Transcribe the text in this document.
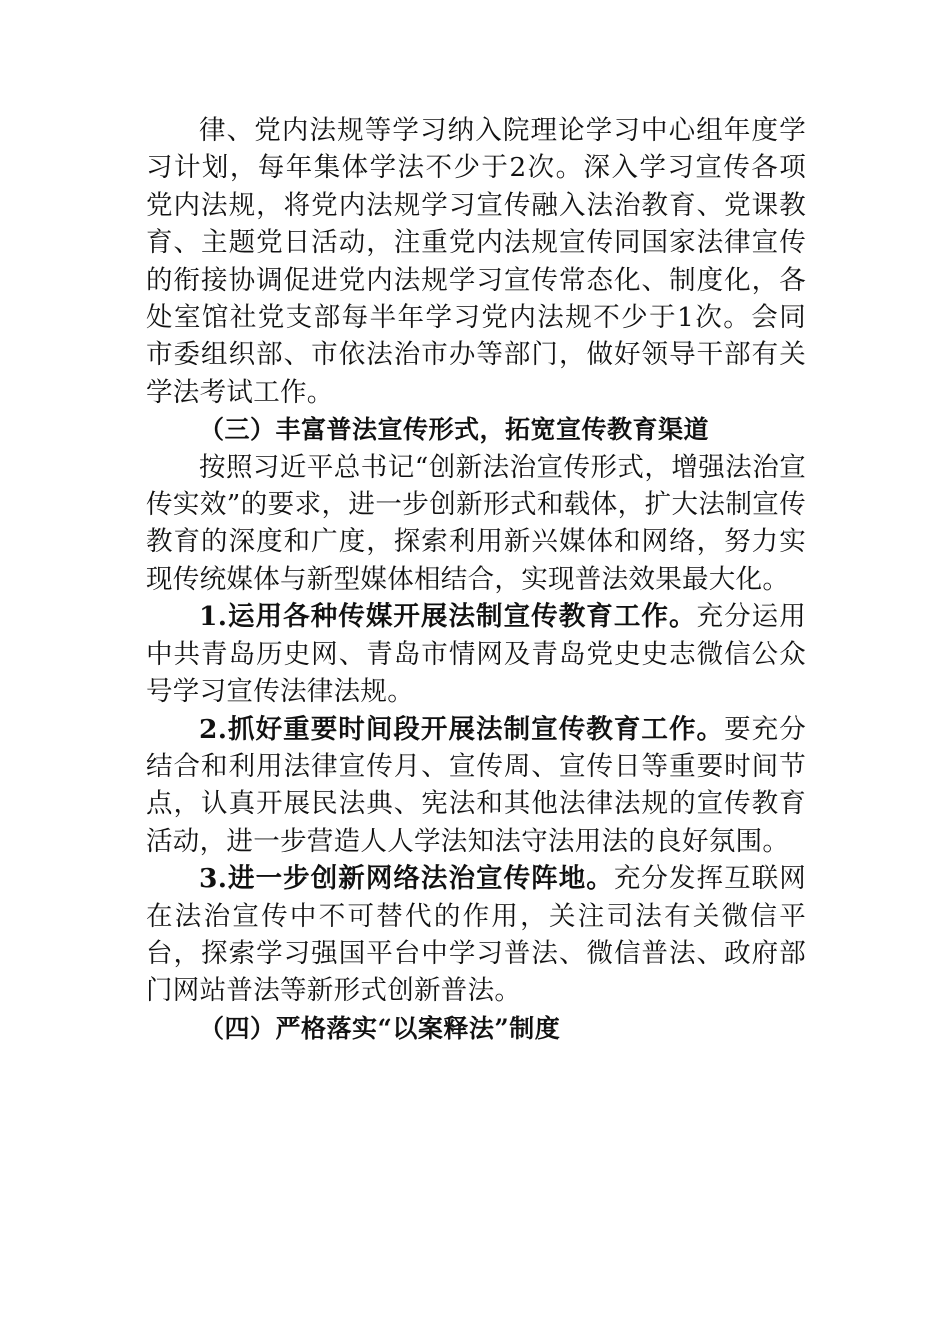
律、党内法规等学习纳入院理论学习中心组年度学习计划，每年集体学法不少于2次。深入学习宣传各项党内法规，将党内法规学习宣传融入法治教育、党课教育、主题党日活动，注重党内法规宣传同国家法律宣传的衔接协调促进党内法规学习宣传常态化、制度化，各处室馆社党支部每半年学习党内法规不少于1次。会同市委组织部、市依法治市办等部门，做好领导干部有关学法考试工作。

（三）丰富普法宣传形式，拓宽宣传教育渠道

按照习近平总书记“创新法治宣传形式，增强法治宣传实效”的要求，进一步创新形式和载体，扩大法制宣传教育的深度和广度，探索利用新兴媒体和网络，努力实现传统媒体与新型媒体相结合，实现普法效果最大化。

1.运用各种传媒开展法制宣传教育工作。充分运用中共青岛历史网、青岛市情网及青岛党史史志微信公众号学习宣传法律法规。

2.抓好重要时间段开展法制宣传教育工作。要充分结合和利用法律宣传月、宣传周、宣传日等重要时间节点，认真开展民法典、宪法和其他法律法规的宣传教育活动，进一步营造人人学法知法守法用法的良好氛围。

3.进一步创新网络法治宣传阵地。充分发挥互联网在法治宣传中不可替代的作用，关注司法有关微信平台，探索学习强国平台中学习普法、微信普法、政府部门网站普法等新形式创新普法。

（四）严格落实“以案释法”制度
